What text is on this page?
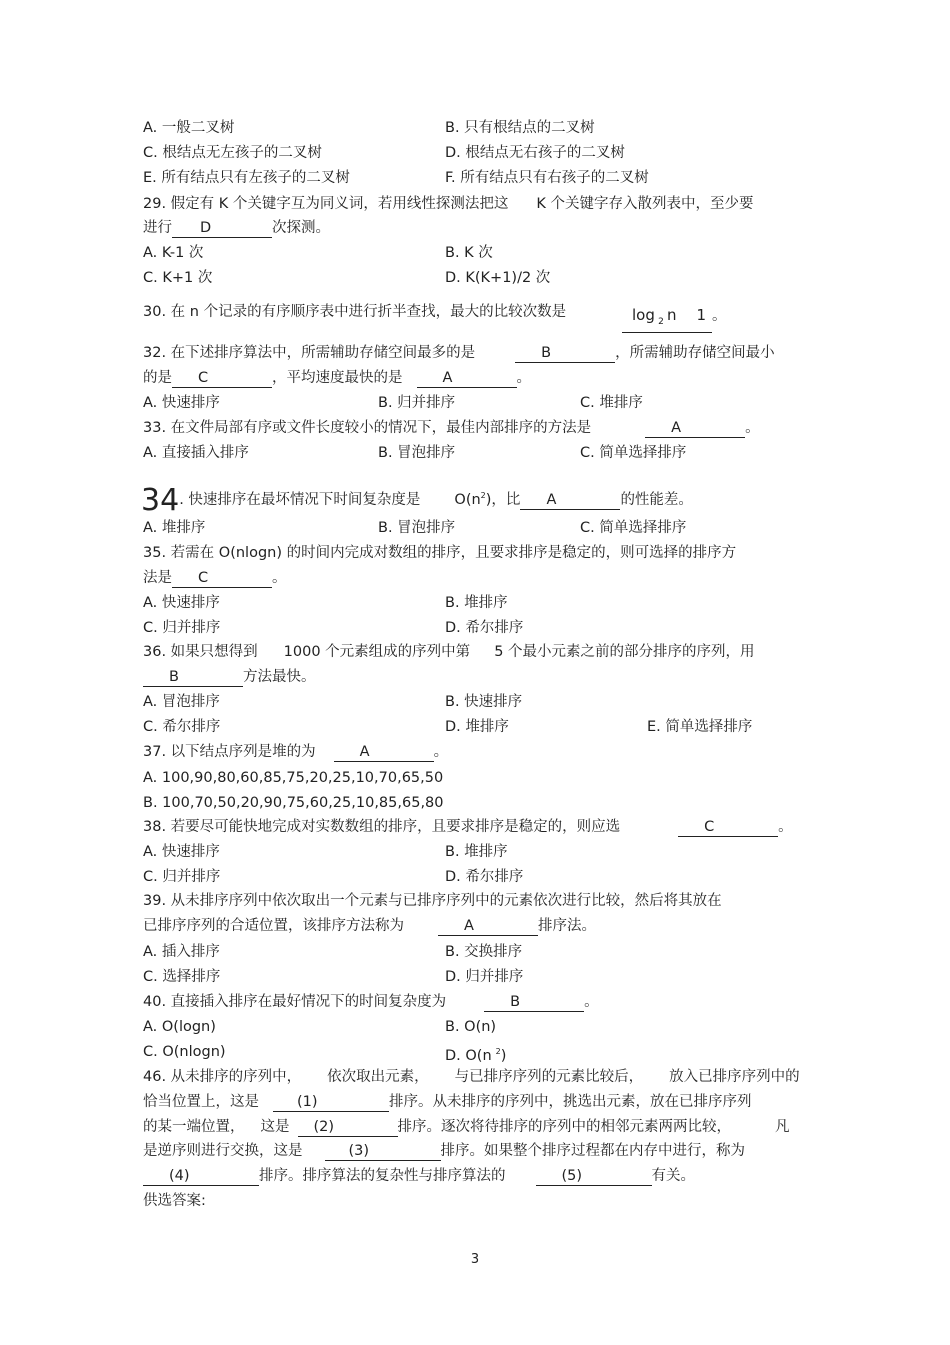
A. 一般二叉树	B. 只有根结点的二叉树
C. 根结点无左孩子的二叉树	D. 根结点无右孩子的二叉树
E. 所有结点只有左孩子的二叉树	F. 所有结点只有右孩子的二叉树
29. 假定有 K 个关键字互为同义词，若用线性探测法把这 K 个关键字存入散列表中，至少要
进行 D	次探测。
A. K-1 次	B. K 次
C. K+1 次	D. K(K+1)/2 次
30. 在 n 个记录的有序顺序表中进行折半查找，最大的比较次数是	log $_2$ n 1 。
32. 在下述排序算法中，所需辅助存储空间最多的是	B	，所需辅助存储空间最小
的是 C	，平均速度最快的是	A	。
A. 快速排序	B. 归并排序	C. 堆排序
33. 在文件局部有序或文件长度较小的情况下，最佳内部排序的方法是	A	。
A. 直接插入排序	B. 冒泡排序	C. 简单选择排序
34. 快速排序在最坏情况下时间复杂度是 $O(n^2)$，比 A	的性能差。
A. 堆排序	B. 冒泡排序	C. 简单选择排序
35. 若需在 O(nlogn) 的时间内完成对数组的排序，且要求排序是稳定的，则可选择的排序方
法是 C	。
A. 快速排序	B. 堆排序
C. 归并排序	D. 希尔排序
36. 如果只想得到 1000 个元素组成的序列中第 5 个最小元素之前的部分排序的序列，用
B	方法最快。
A. 冒泡排序	B. 快速排序
C. 希尔排序	D. 堆排序	E. 简单选择排序
37. 以下结点序列是堆的为	A	。
A. 100,90,80,60,85,75,20,25,10,70,65,50
B. 100,70,50,20,90,75,60,25,10,85,65,80
38. 若要尽可能快地完成对实数数组的排序，且要求排序是稳定的，则应选	C	。
A. 快速排序	B. 堆排序
C. 归并排序	D. 希尔排序
39. 从未排序序列中依次取出一个元素与已排序序列中的元素依次进行比较，然后将其放在
已排序序列的合适位置，该排序方法称为	A	排序法。
A. 插入排序	B. 交换排序
C. 选择排序	D. 归并排序
40. 直接插入排序在最好情况下的时间复杂度为	B	。
A. O(logn)	B. O(n)
C. O(nlogn)	D. O(n $^2$)
46. 从未排序的序列中， 依次取出元素， 与已排序序列的元素比较后， 放入已排序序列中的
恰当位置上，这是	(1)	排序。从未排序的序列中，挑选出元素，放在已排序序列
的某一端位置， 这是 (2)	排序。逐次将待排序的序列中的相邻元素两两比较，	凡
是逆序则进行交换，这是	(3)	排序。如果整个排序过程都在内存中进行，称为
(4)	排序。排序算法的复杂性与排序算法的	(5)	有关。
供选答案:
3
